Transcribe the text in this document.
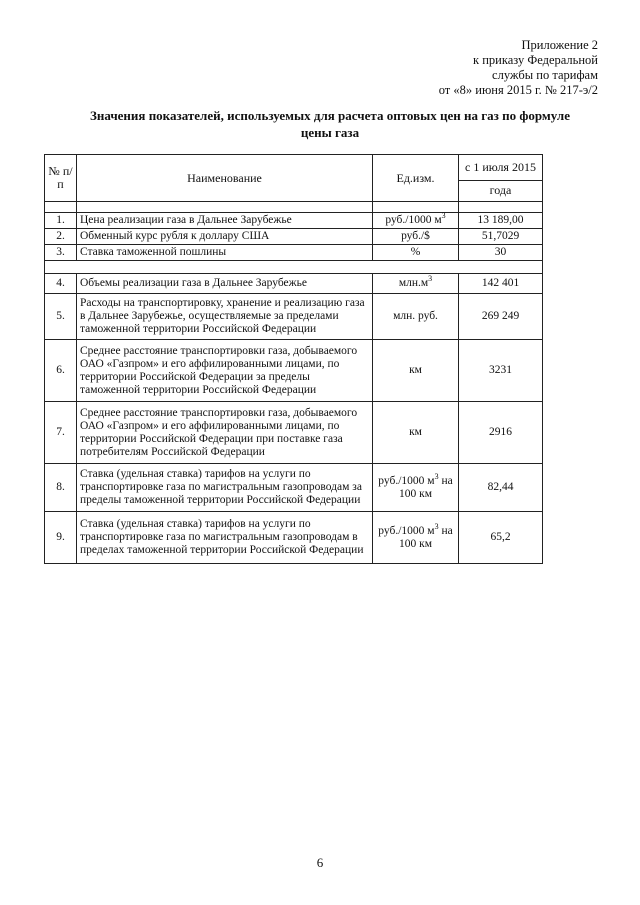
Приложение 2
к приказу Федеральной
службы по тарифам
от «8» июня 2015 г. № 217-э/2
Значения показателей, используемых для расчета оптовых цен на газ по формуле
цены газа
№ п/п	Наименование	Ед.изм.	с 1 июля 2015
			года

1.	Цена реализации газа в Дальнее Зарубежье	руб./1000 $м^3$	13 189,00
2.	Обменный курс рубля к доллару США	руб./$	51,7029
3.	Ставка таможенной пошлины	%	30

4.	Объемы реализации газа в Дальнее Зарубежье	$млн.м^3$	142 401
5.	Расходы на транспортировку, хранение и реализацию газа в Дальнее Зарубежье, осуществляемые за пределами таможенной территории Российской Федерации	млн. руб.	269 249
6.	Среднее расстояние транспортировки газа, добываемого ОАО «Газпром» и его аффилированными лицами, по территории Российской Федерации за пределы таможенной территории Российской Федерации	км	3231
7.	Среднее расстояние транспортировки газа, добываемого ОАО «Газпром» и его аффилированными лицами, по территории Российской Федерации при поставке газа потребителям Российской Федерации	км	2916
8.	Ставка (удельная ставка) тарифов на услуги по транспортировке газа по магистральным газопроводам за пределы таможенной территории Российской Федерации	руб./1000 $м^3$ на 100 км	82,44
9.	Ставка (удельная ставка) тарифов на услуги по транспортировке газа по магистральным газопроводам в пределах таможенной территории Российской Федерации	руб./1000 $м^3$ на 100 км	65,2
6
